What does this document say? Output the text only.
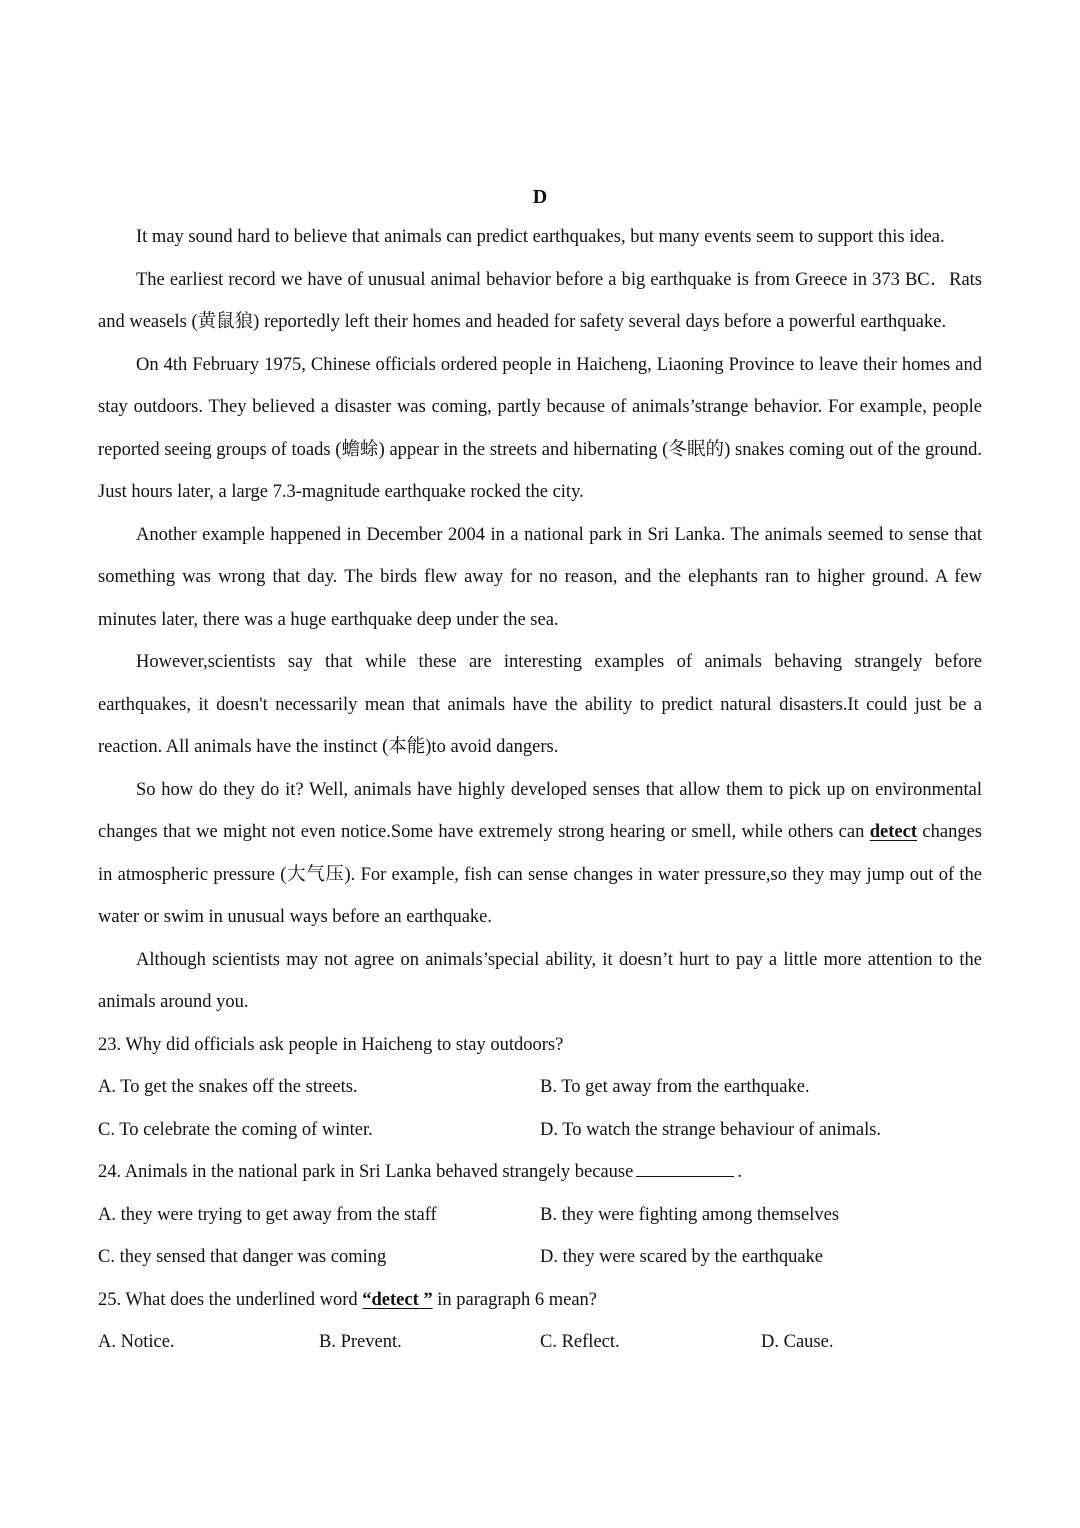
D

It may sound hard to believe that animals can predict earthquakes, but many events seem to support this idea.

The earliest record we have of unusual animal behavior before a big earthquake is from Greece in 373 BC．Rats and weasels (黄鼠狼) reportedly left their homes and headed for safety several days before a powerful earthquake.

On 4th February 1975, Chinese officials ordered people in Haicheng, Liaoning Province to leave their homes and stay outdoors. They believed a disaster was coming, partly because of animals’strange behavior. For example, people reported seeing groups of toads (蟾蜍) appear in the streets and hibernating (冬眠的) snakes coming out of the ground. Just hours later, a large 7.3-magnitude earthquake rocked the city.

Another example happened in December 2004 in a national park in Sri Lanka. The animals seemed to sense that something was wrong that day. The birds flew away for no reason, and the elephants ran to higher ground. A few minutes later, there was a huge earthquake deep under the sea.

However,scientists say that while these are interesting examples of animals behaving strangely before earthquakes, it doesn't necessarily mean that animals have the ability to predict natural disasters.It could just be a reaction. All animals have the instinct (本能)to avoid dangers.

So how do they do it? Well, animals have highly developed senses that allow them to pick up on environmental changes that we might not even notice.Some have extremely strong hearing or smell, while others can detect changes in atmospheric pressure (大气压). For example, fish can sense changes in water pressure,so they may jump out of the water or swim in unusual ways before an earthquake.

Although scientists may not agree on animals’special ability, it doesn’t hurt to pay a little more attention to the animals around you.

23. Why did officials ask people in Haicheng to stay outdoors?

A. To get the snakes off the streets.	B. To get away from the earthquake.
C. To celebrate the coming of winter.	D. To watch the strange behaviour of animals.

24. Animals in the national park in Sri Lanka behaved strangely because	.

A. they were trying to get away from the staff	B. they were fighting among themselves
C. they sensed that danger was coming	D. they were scared by the earthquake

25. What does the underlined word “detect ” in paragraph 6 mean?

A. Notice.	B. Prevent.	C. Reflect.	D. Cause.
